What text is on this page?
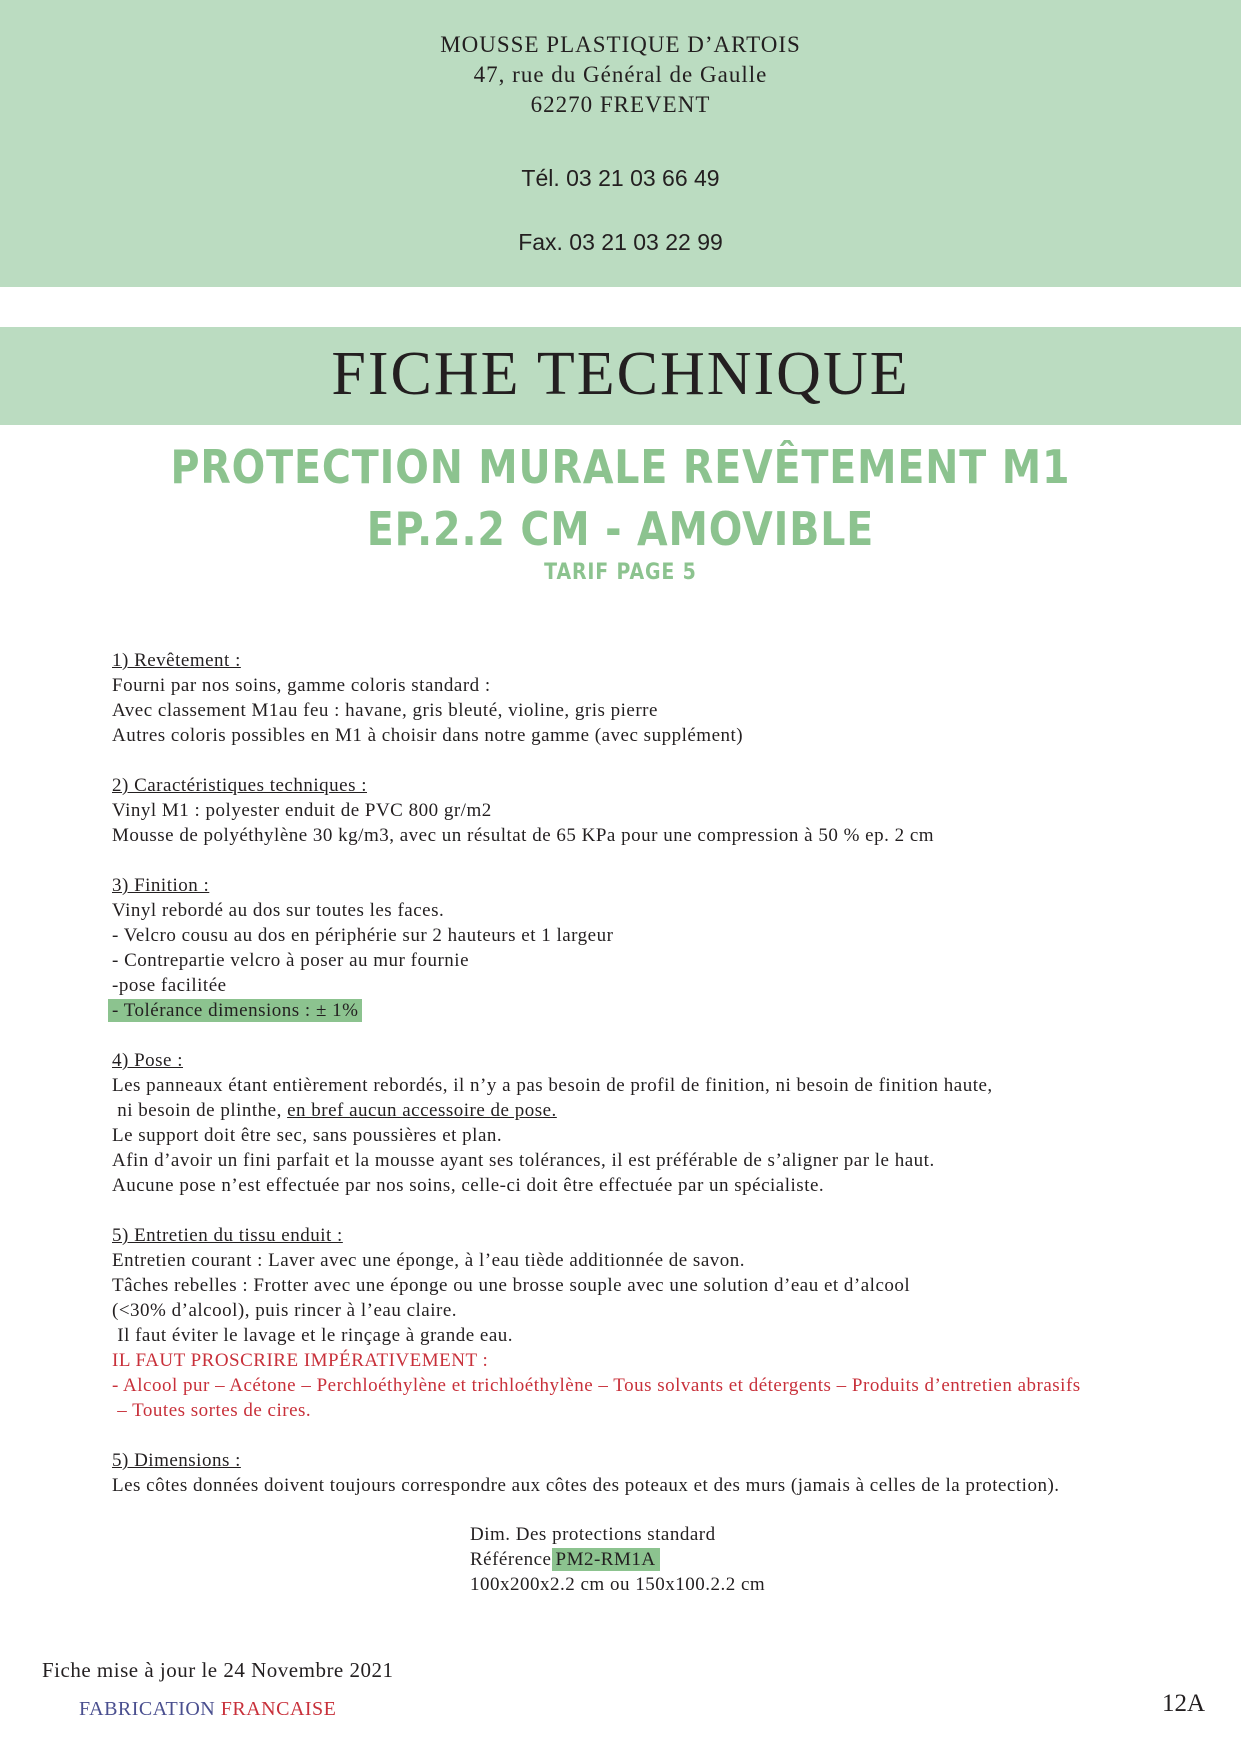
MOUSSE PLASTIQUE D’ARTOIS
47, rue du Général de Gaulle
62270 FREVENT
Tél. 03 21 03 66 49
Fax. 03 21 03 22 99
FICHE TECHNIQUE
PROTECTION MURALE REVÊTEMENT M1
EP.2.2 CM - AMOVIBLE
TARIF PAGE 5
1) Revêtement :
Fourni par nos soins, gamme coloris standard :
Avec classement M1au feu : havane, gris bleuté, violine, gris pierre
Autres coloris possibles en M1 à choisir dans notre gamme (avec supplément)
2) Caractéristiques techniques :
Vinyl M1 : polyester enduit de PVC 800 gr/m2
Mousse de polyéthylène 30 kg/m3, avec un résultat de 65 KPa pour une compression à 50 % ep. 2 cm
3) Finition :
Vinyl rebordé au dos sur toutes les faces.
- Velcro cousu au dos en périphérie sur 2 hauteurs et 1 largeur
- Contrepartie velcro à poser au mur fournie
-pose facilitée
- Tolérance dimensions : ± 1%
4) Pose :
Les panneaux étant entièrement rebordés, il n’y a pas besoin de profil de finition, ni besoin de finition haute,
ni besoin de plinthe, en bref aucun accessoire de pose.
Le support doit être sec, sans poussières et plan.
Afin d’avoir un fini parfait et la mousse ayant ses tolérances, il est préférable de s’aligner par le haut.
Aucune pose n’est effectuée par nos soins, celle-ci doit être effectuée par un spécialiste.
5) Entretien du tissu enduit :
Entretien courant : Laver avec une éponge, à l’eau tiède additionnée de savon.
Tâches rebelles : Frotter avec une éponge ou une brosse souple avec une solution d’eau et d’alcool
(<30% d’alcool), puis rincer à l’eau claire.
Il faut éviter le lavage et le rinçage à grande eau.
IL FAUT PROSCRIRE IMPÉRATIVEMENT :
- Alcool pur – Acétone – Perchloéthylène et trichloéthylène – Tous solvants et détergents – Produits d’entretien abrasifs
– Toutes sortes de cires.
5) Dimensions :
Les côtes données doivent toujours correspondre aux côtes des poteaux et des murs (jamais à celles de la protection).
Dim. Des protections standard
Référence PM2-RM1A
100x200x2.2 cm ou 150x100.2.2 cm
Fiche mise à jour le 24 Novembre 2021
FABRICATION FRANCAISE	12A
